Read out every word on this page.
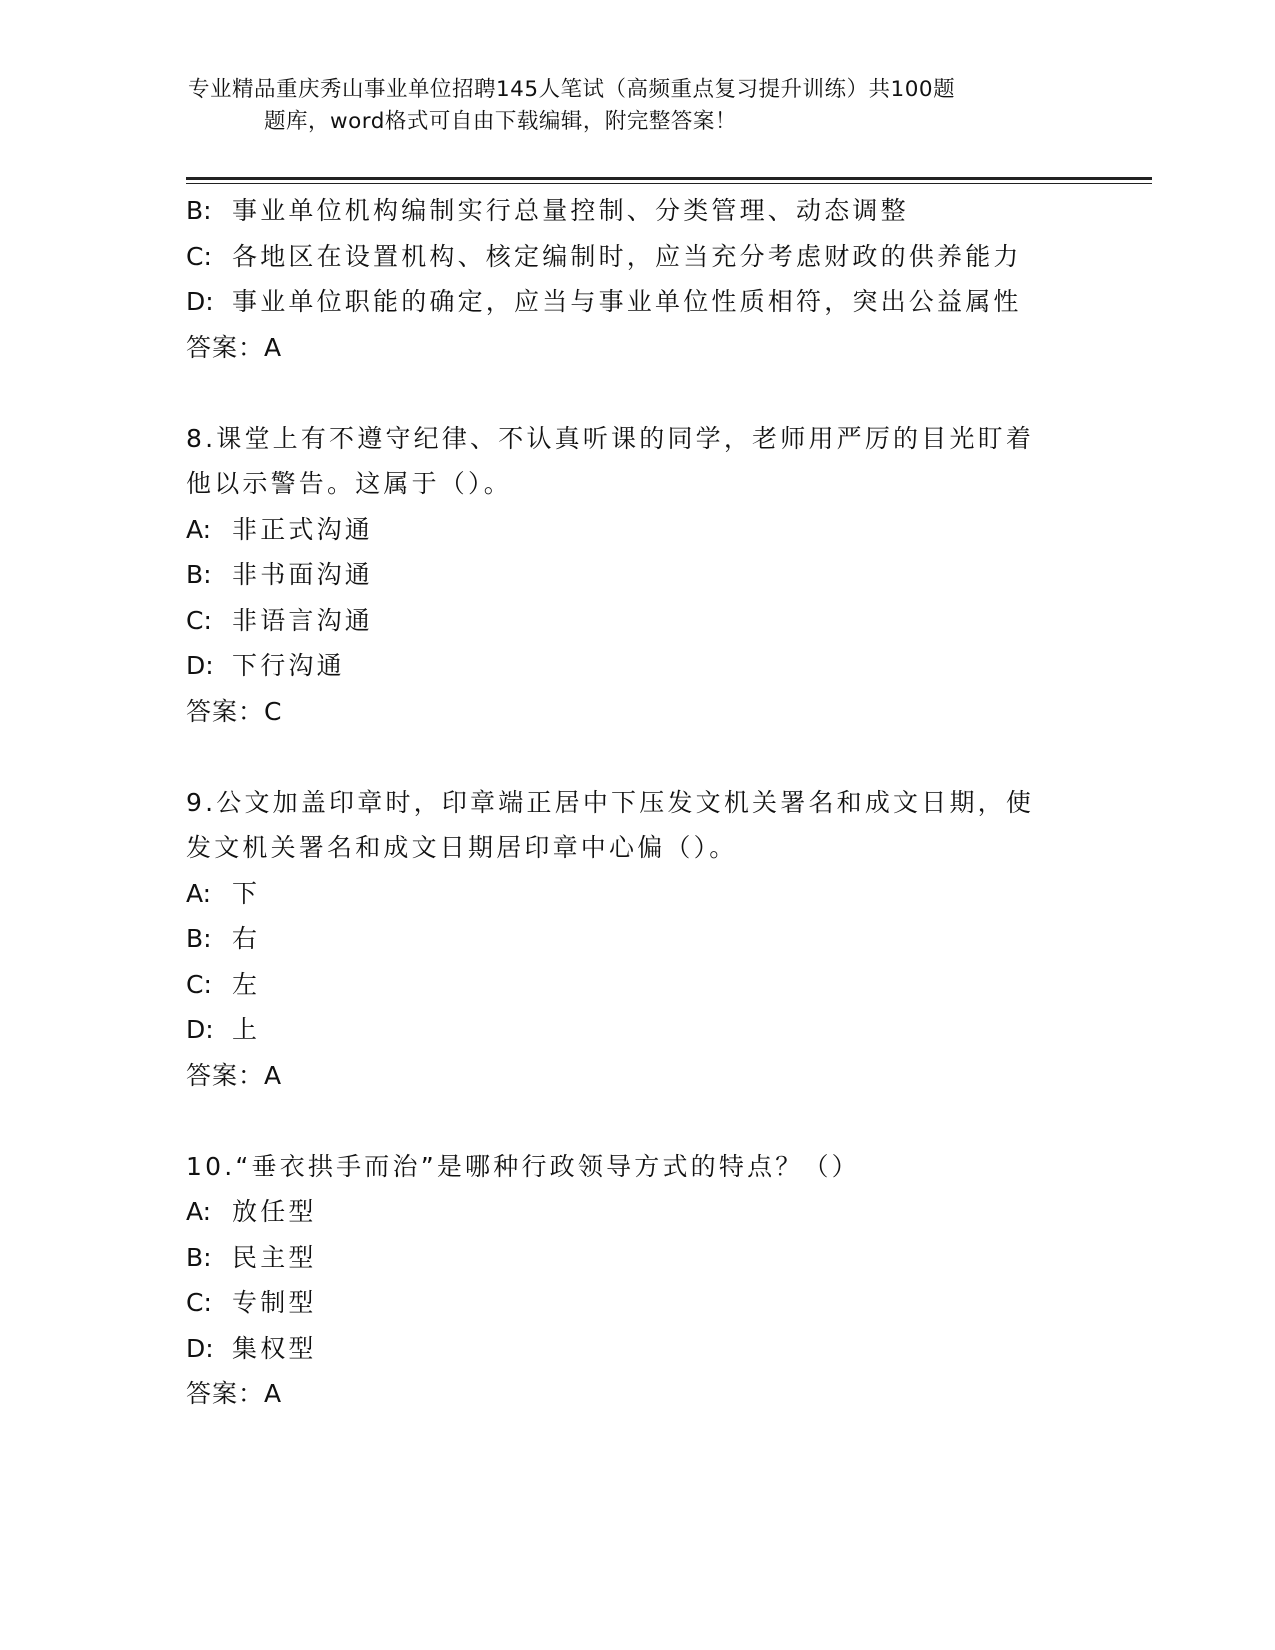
专业精品重庆秀山事业单位招聘145人笔试（高频重点复习提升训练）共100题
题库，word格式可自由下载编辑，附完整答案！
B: 事业单位机构编制实行总量控制、分类管理、动态调整
C: 各地区在设置机构、核定编制时，应当充分考虑财政的供养能力
D: 事业单位职能的确定，应当与事业单位性质相符，突出公益属性
答案：A
8.课堂上有不遵守纪律、不认真听课的同学，老师用严厉的目光盯着
他以示警告。这属于（）。
A: 非正式沟通
B: 非书面沟通
C: 非语言沟通
D: 下行沟通
答案：C
9.公文加盖印章时，印章端正居中下压发文机关署名和成文日期，使
发文机关署名和成文日期居印章中心偏（）。
A: 下
B: 右
C: 左
D: 上
答案：A
10.“垂衣拱手而治”是哪种行政领导方式的特点？（）
A: 放任型
B: 民主型
C: 专制型
D: 集权型
答案：A
